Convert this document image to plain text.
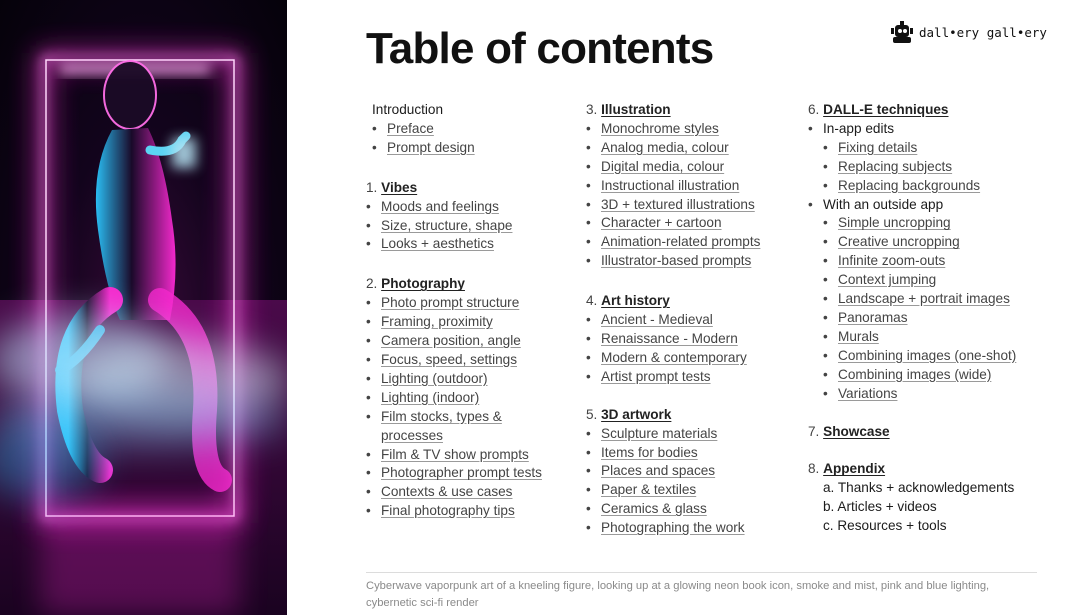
Table of contents	dall•ery gall•ery
Introduction
• Preface
• Prompt design
1. Vibes
• Moods and feelings
• Size, structure, shape
• Looks + aesthetics
2. Photography
• Photo prompt structure
• Framing, proximity
• Camera position, angle
• Focus, speed, settings
• Lighting (outdoor)
• Lighting (indoor)
• Film stocks, types &
processes
• Film & TV show prompts
• Photographer prompt tests
• Contexts & use cases
• Final photography tips
3. Illustration
• Monochrome styles
• Analog media, colour
• Digital media, colour
• Instructional illustration
• 3D + textured illustrations
• Character + cartoon
• Animation-related prompts
• Illustrator-based prompts
4. Art history
• Ancient - Medieval
• Renaissance - Modern
• Modern & contemporary
• Artist prompt tests
5. 3D artwork
• Sculpture materials
• Items for bodies
• Places and spaces
• Paper & textiles
• Ceramics & glass
• Photographing the work
6. DALL-E techniques
• In-app edits
• Fixing details
• Replacing subjects
• Replacing backgrounds
• With an outside app
• Simple uncropping
• Creative uncropping
• Infinite zoom-outs
• Context jumping
• Landscape + portrait images
• Panoramas
• Murals
• Combining images (one-shot)
• Combining images (wide)
• Variations
7. Showcase
8. Appendix
a. Thanks + acknowledgements
b. Articles + videos
c. Resources + tools
Cyberwave vaporpunk art of a kneeling figure, looking up at a glowing neon book icon, smoke and mist, pink and blue lighting, cybernetic sci-fi render
